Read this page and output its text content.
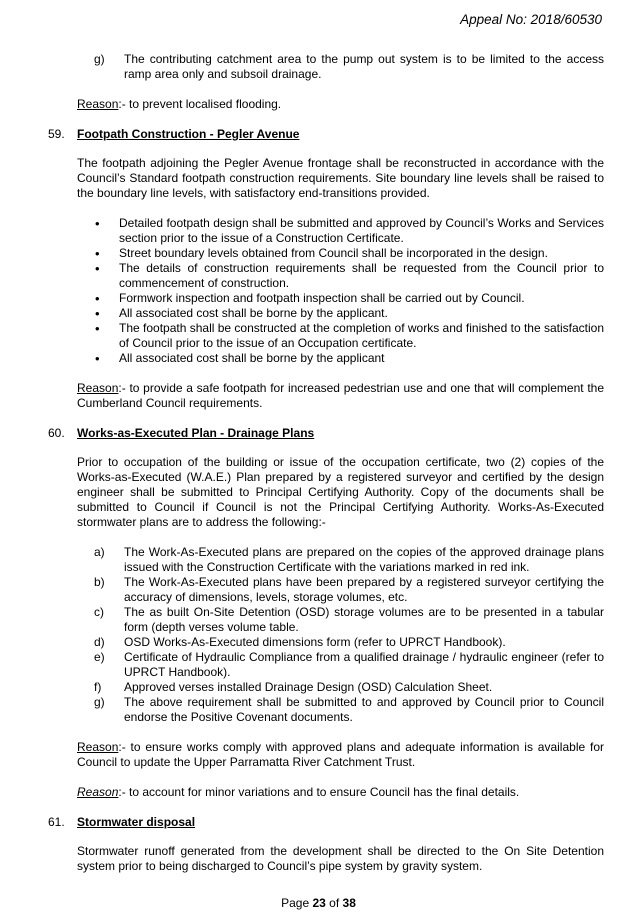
Appeal No: 2018/60530
g)	The contributing catchment area to the pump out system is to be limited to the access ramp area only and subsoil drainage.
Reason:- to prevent localised flooding.
59.	Footpath Construction - Pegler Avenue
The footpath adjoining the Pegler Avenue frontage shall be reconstructed in accordance with the Council’s Standard footpath construction requirements. Site boundary line levels shall be raised to the boundary line levels, with satisfactory end-transitions provided.
•	Detailed footpath design shall be submitted and approved by Council’s Works and Services section prior to the issue of a Construction Certificate.
•	Street boundary levels obtained from Council shall be incorporated in the design.
•	The details of construction requirements shall be requested from the Council prior to commencement of construction.
•	Formwork inspection and footpath inspection shall be carried out by Council.
•	All associated cost shall be borne by the applicant.
•	The footpath shall be constructed at the completion of works and finished to the satisfaction of Council prior to the issue of an Occupation certificate.
•	All associated cost shall be borne by the applicant
Reason:- to provide a safe footpath for increased pedestrian use and one that will complement the Cumberland Council requirements.
60.	Works-as-Executed Plan - Drainage Plans
Prior to occupation of the building or issue of the occupation certificate, two (2) copies of the Works-as-Executed (W.A.E.) Plan prepared by a registered surveyor and certified by the design engineer shall be submitted to Principal Certifying Authority. Copy of the documents shall be submitted to Council if Council is not the Principal Certifying Authority. Works-As-Executed stormwater plans are to address the following:-
a)	The Work-As-Executed plans are prepared on the copies of the approved drainage plans issued with the Construction Certificate with the variations marked in red ink.
b)	The Work-As-Executed plans have been prepared by a registered surveyor certifying the accuracy of dimensions, levels, storage volumes, etc.
c)	The as built On-Site Detention (OSD) storage volumes are to be presented in a tabular form (depth verses volume table.
d)	OSD Works-As-Executed dimensions form (refer to UPRCT Handbook).
e)	Certificate of Hydraulic Compliance from a qualified drainage / hydraulic engineer (refer to UPRCT Handbook).
f)	Approved verses installed Drainage Design (OSD) Calculation Sheet.
g)	The above requirement shall be submitted to and approved by Council prior to Council endorse the Positive Covenant documents.
Reason:- to ensure works comply with approved plans and adequate information is available for Council to update the Upper Parramatta River Catchment Trust.
Reason:- to account for minor variations and to ensure Council has the final details.
61.	Stormwater disposal
Stormwater runoff generated from the development shall be directed to the On Site Detention system prior to being discharged to Council’s pipe system by gravity system.
Page 23 of 38
